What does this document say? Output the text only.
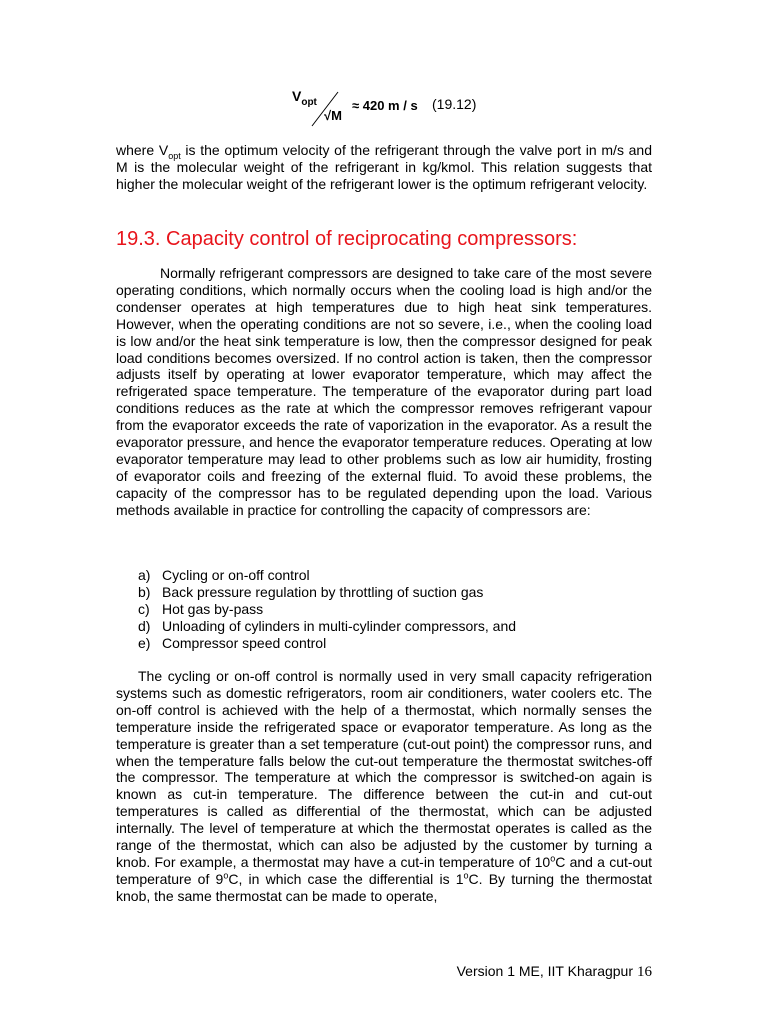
$V_{opt}$
√M
≈ 420 m / s (19.12)

where $V_{opt}$ is the optimum velocity of the refrigerant through the valve port in m/s and M is the molecular weight of the refrigerant in kg/kmol. This relation suggests that higher the molecular weight of the refrigerant lower is the optimum refrigerant velocity.

19.3. Capacity control of reciprocating compressors:

Normally refrigerant compressors are designed to take care of the most severe operating conditions, which normally occurs when the cooling load is high and/or the condenser operates at high temperatures due to high heat sink temperatures. However, when the operating conditions are not so severe, i.e., when the cooling load is low and/or the heat sink temperature is low, then the compressor designed for peak load conditions becomes oversized. If no control action is taken, then the compressor adjusts itself by operating at lower evaporator temperature, which may affect the refrigerated space temperature. The temperature of the evaporator during part load conditions reduces as the rate at which the compressor removes refrigerant vapour from the evaporator exceeds the rate of vaporization in the evaporator. As a result the evaporator pressure, and hence the evaporator temperature reduces. Operating at low evaporator temperature may lead to other problems such as low air humidity, frosting of evaporator coils and freezing of the external fluid. To avoid these problems, the capacity of the compressor has to be regulated depending upon the load. Various methods available in practice for controlling the capacity of compressors are:

a) Cycling or on-off control
b) Back pressure regulation by throttling of suction gas
c) Hot gas by-pass
d) Unloading of cylinders in multi-cylinder compressors, and
e) Compressor speed control

The cycling or on-off control is normally used in very small capacity refrigeration systems such as domestic refrigerators, room air conditioners, water coolers etc. The on-off control is achieved with the help of a thermostat, which normally senses the temperature inside the refrigerated space or evaporator temperature. As long as the temperature is greater than a set temperature (cut-out point) the compressor runs, and when the temperature falls below the cut-out temperature the thermostat switches-off the compressor. The temperature at which the compressor is switched-on again is known as cut-in temperature. The difference between the cut-in and cut-out temperatures is called as differential of the thermostat, which can be adjusted internally. The level of temperature at which the thermostat operates is called as the range of the thermostat, which can also be adjusted by the customer by turning a knob. For example, a thermostat may have a cut-in temperature of 10$^o$C and a cut-out temperature of 9$^o$C, in which case the differential is 1$^o$C. By turning the thermostat knob, the same thermostat can be made to operate,

Version 1 ME, IIT Kharagpur 16
